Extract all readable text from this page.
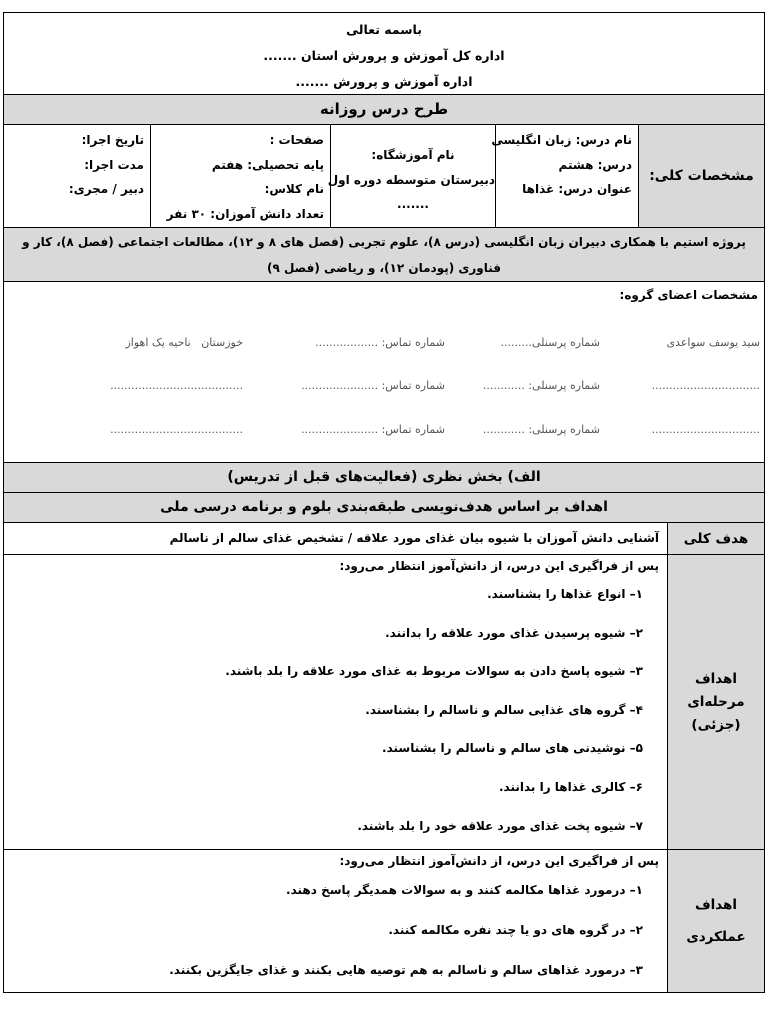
باسمه تعالی
اداره کل آموزش و پرورش استان .......
اداره آموزش و پرورش .......
طرح درس روزانه
مشخصات کلی:
نام درس: زبان انگلیسی
درس: هشتم
عنوان درس: غذاها
نام آموزشگاه:
دبیرستان متوسطه دوره اول
.......
صفحات :
پایه تحصیلی: هفتم
نام کلاس:
تعداد دانش آموزان: ۳۰ نفر
تاریخ اجرا:
مدت اجرا:
دبیر / مجری:
پروژه استیم با همکاری دبیران زبان انگلیسی (درس ۸)، علوم تجربی (فصل های ۸ و ۱۲)، مطالعات اجتماعی (فصل ۸)، کار و فناوری (پودمان ۱۲)، و ریاضی (فصل ۹)
مشخصات اعضای گروه:
سید یوسف سواعدی
شماره پرسنلی.........
شماره تماس: ..................
خوزستان   ناحیه یک اهواز
...............................
شماره پرسنلی: ............
شماره تماس: ......................
......................................
...............................
شماره پرسنلی: ............
شماره تماس: ......................
......................................
الف) بخش نظری (فعالیت‌های قبل از تدریس)
اهداف بر اساس هدف‌نویسی طبقه‌بندی بلوم و برنامه درسی ملی
هدف کلی
آشنایی دانش آموزان با شیوه بیان غذای مورد علاقه / تشخیص غذای سالم از ناسالم
اهداف
مرحله‌ای
(جزئی)
پس از فراگیری این درس، از دانش‌آموز انتظار می‌رود:
۱– انواع غذاها را بشناسند.
۲– شیوه پرسیدن غذای مورد علاقه را بدانند.
۳– شیوه پاسخ دادن به سوالات مربوط به غذای مورد علاقه را بلد باشند.
۴– گروه های غذایی سالم و ناسالم را بشناسند.
۵– نوشیدنی های سالم و ناسالم را بشناسند.
۶– کالری غذاها را بدانند.
۷– شیوه پخت غذای مورد علاقه خود را بلد باشند.
اهداف
عملکردی
پس از فراگیری این درس، از دانش‌آموز انتظار می‌رود:
۱– درمورد غذاها مکالمه کنند و به سوالات همدیگر پاسخ دهند.
۲– در گروه های دو یا چند نفره مکالمه کنند.
۳– درمورد غذاهای سالم و ناسالم به هم توصیه هایی بکنند و غذای جایگزین بکنند.
